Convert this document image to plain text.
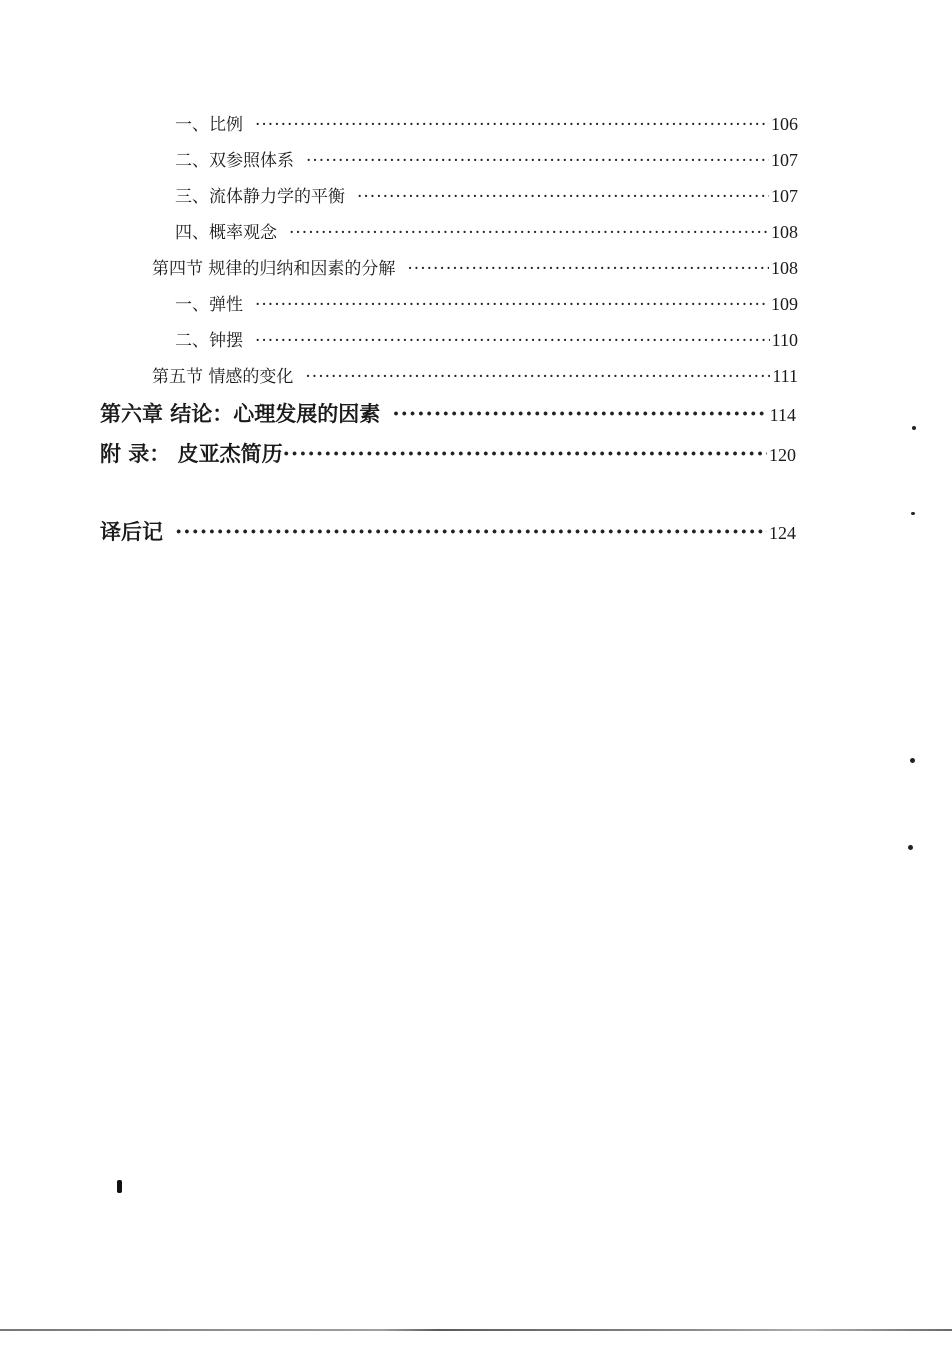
一、比例 ·····	106
二、双参照体系 ·····	107
三、流体静力学的平衡 ·····	107
四、概率观念 ·····	108
第四节 规律的归纳和因素的分解 ·····	108
一、弹性 ·····	109
二、钟摆 ·····	110
第五节 情感的变化 ·····	111
第六章 结论：心理发展的因素 ·····	114
附 录： 皮亚杰简历 ·····	120
译后记 ·····	124
